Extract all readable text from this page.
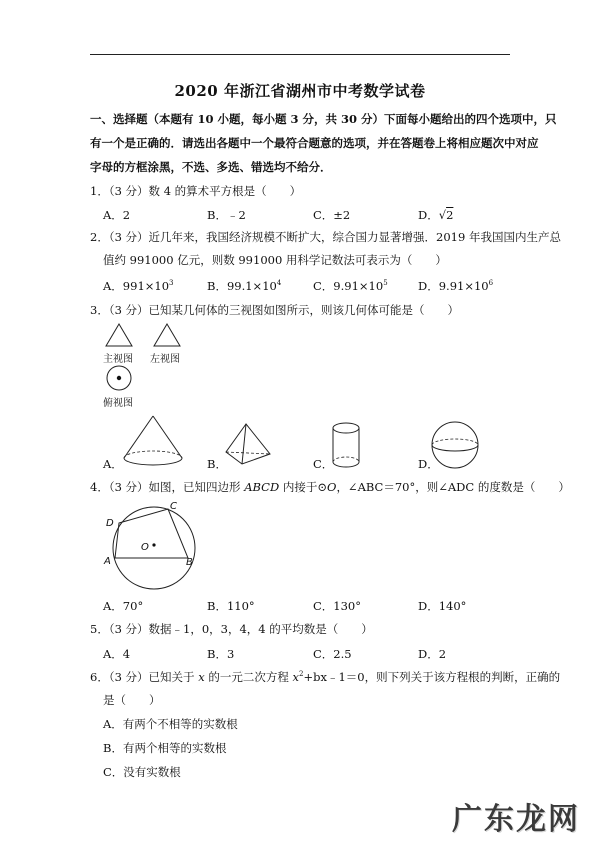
2020 年浙江省湖州市中考数学试卷
一、选择题（本题有 10 小题，每小题 3 分，共 30 分）下面每小题给出的四个选项中，只
有一个是正确的．请选出各题中一个最符合题意的选项，并在答题卷上将相应题次中对应
字母的方框涂黑，不选、多选、错选均不给分．
1．（3 分）数 4 的算术平方根是（　　）
A．2	B．﹣2	C．±2	D．√2
2．（3 分）近几年来，我国经济规模不断扩大，综合国力显著增强．2019 年我国国内生产总
值约 991000 亿元，则数 991000 用科学记数法可表示为（　　）
A．$991\times 10^3$	B．$99.1\times 10^4$	C．$9.91\times 10^5$	D．$9.91\times 10^6$
3．（3 分）已知某几何体的三视图如图所示，则该几何体可能是（　　）
主视图 左视图
俯视图
A．	B．	C．	D．
4．（3 分）如图，已知四边形 ABCD 内接于⊙O，∠ABC＝70°，则∠ADC 的度数是（　　）
D
C
A	B
O
A．70°	B．110°	C．130°	D．140°
5．（3 分）数据﹣1，0，3，4，4 的平均数是（　　）
A．4	B．3	C．2.5	D．2
6．（3 分）已知关于 x 的一元二次方程 $x^2+bx﹣1=0$，则下列关于该方程根的判断，正确的
是（　　）
A．有两个不相等的实数根
B．有两个相等的实数根
C．没有实数根
广东龙网
